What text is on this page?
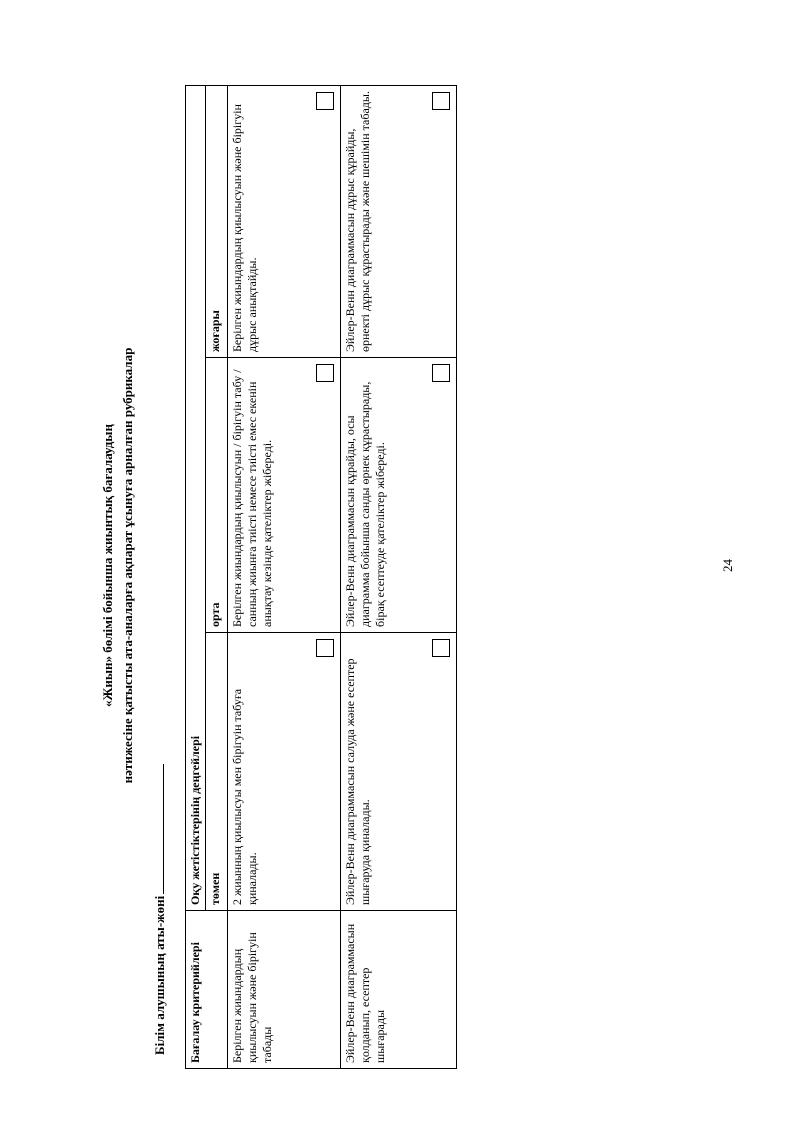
«Жиын» бөлімі бойынша жиынтық бағалаудың нәтижесіне қатысты ата-аналарға ақпарат ұсынуға арналған рубрикалар
Білім алушының аты-жөні Бағалау критерийлері	Оқу жетістіктерінің деңгейлері		
	төмен	орта	жоғары
Берілген жиындардың қиылысуын және бірігуін табады	2 жиынның қиылысуы мен бірігуін табуға қиналады.	Берілген жиындардың қиылысуын / бірігуін табу / санның жиынға тиісті немесе тиісті емес екенін анықтау кезінде қателіктер жібереді.	Берілген жиындардың қиылысуын және бірігуін дұрыс анықтайды.

Эйлер-Венн диаграммасын қолданып, есептер шығарады	Эйлер-Венн диаграммасын салуда және есептер шығаруда қиналады.	Эйлер-Венн диаграммасын құрайды, осы диаграмма бойынша санды өрнек құрастырады, бірақ есептеуде қателіктер жібереді.	Эйлер-Венн диаграммасын дұрыс құрайды, өрнекті дұрыс құрастырады және шешімін табады.
24
